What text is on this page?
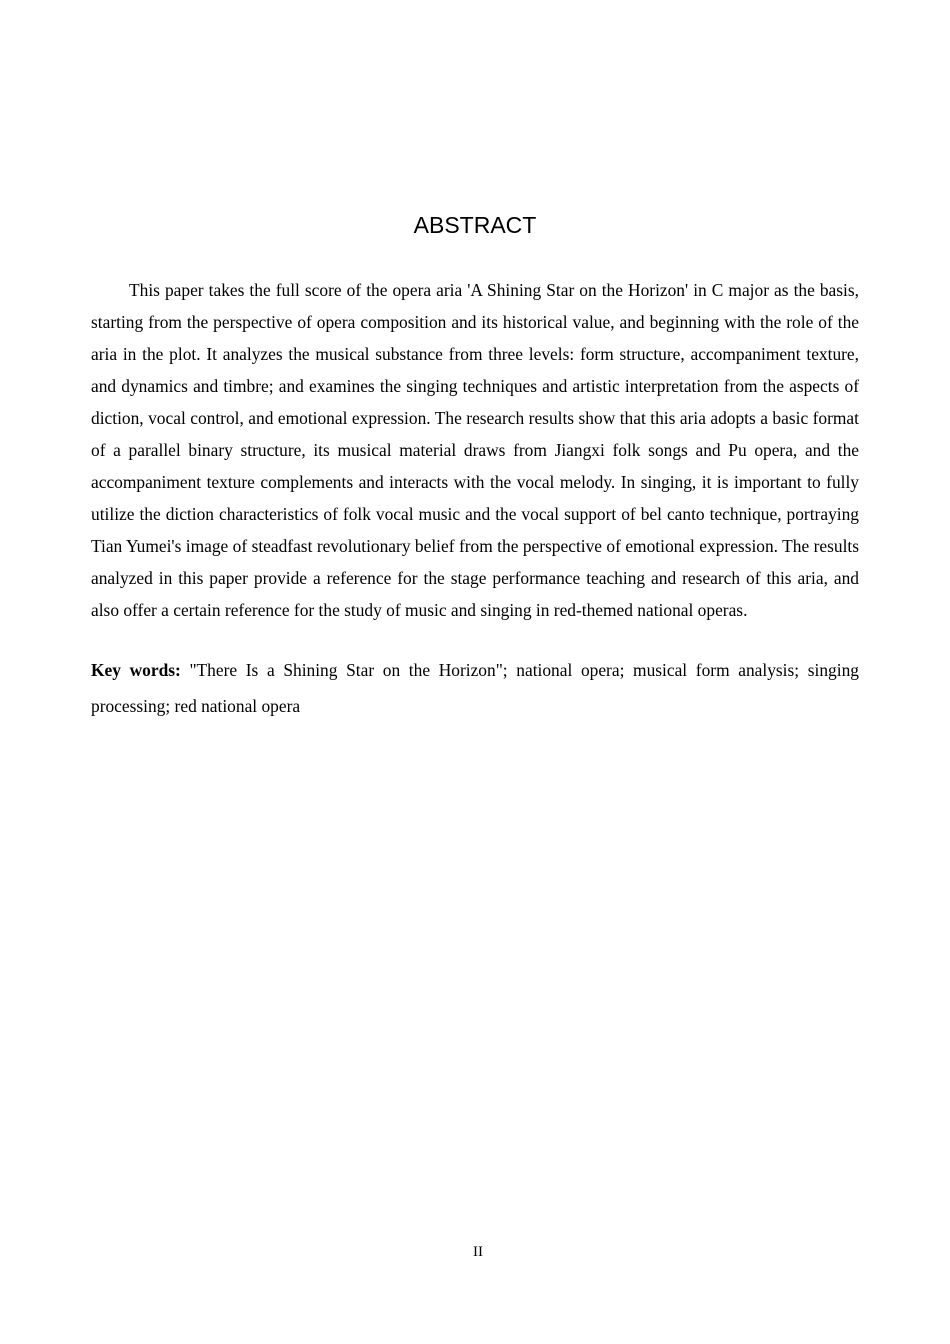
ABSTRACT

This paper takes the full score of the opera aria 'A Shining Star on the Horizon' in C major as the basis, starting from the perspective of opera composition and its historical value, and beginning with the role of the aria in the plot. It analyzes the musical substance from three levels: form structure, accompaniment texture, and dynamics and timbre; and examines the singing techniques and artistic interpretation from the aspects of diction, vocal control, and emotional expression. The research results show that this aria adopts a basic format of a parallel binary structure, its musical material draws from Jiangxi folk songs and Pu opera, and the accompaniment texture complements and interacts with the vocal melody. In singing, it is important to fully utilize the diction characteristics of folk vocal music and the vocal support of bel canto technique, portraying Tian Yumei's image of steadfast revolutionary belief from the perspective of emotional expression. The results analyzed in this paper provide a reference for the stage performance teaching and research of this aria, and also offer a certain reference for the study of music and singing in red-themed national operas.

Key words: "There Is a Shining Star on the Horizon"; national opera; musical form analysis; singing processing; red national opera

II
